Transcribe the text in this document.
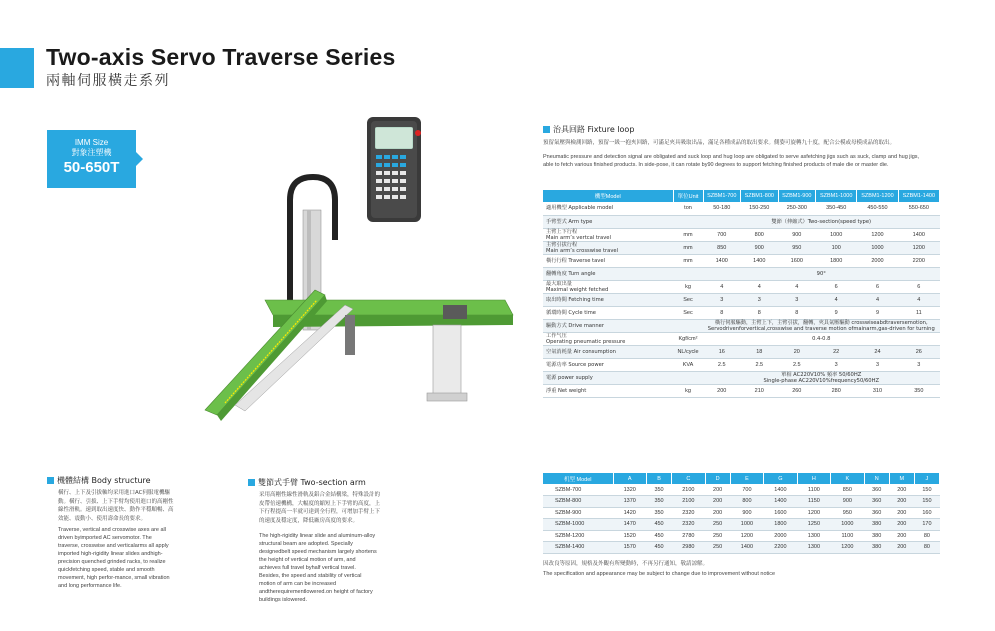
Two-axis Servo Traverse Series
兩軸伺服橫走系列
IMM Size
對象注塑機
50-650T
治具回路 Fixture loop
預留氣壓與檢測回路，預留一級一抱夾回路，可滿足夾具吸取出品，滿足各種成品的取出要求。側姿可旋轉九十度，配合公模或母模成品的取出。
Pneumatic pressure and detection signal are obligated and suck loop and hug loop are obligated to serve asfetching jigs such as suck, clamp and hug jigs,
able to fetch various finished products. In side-pose, it can rotate by90 degrees to support fetching finished products of male die or master die.
機型Model	單位Unit	SZBM1-700	SZBM1-800	SZBM1-900	SZBM1-1000	SZBM1-1200	SZBM1-1400

適用機型 Applicable model	ton	50-180	150-250	250-300	350-450	450-550	550-650

手臂型式 Arm type		雙節（伸縮式）Two-section(speed type)					

主臂上下行程
Main arm’s vertcal travel	mm	700	800	900	1000	1200	1400

主臂引拔行程
Main arm’s crosswise travel	mm	850	900	950	100	1000	1200

橫行行程 Traverse tavel	mm	1400	1400	1600	1800	2000	2200

翻轉角度 Turn angle		90°					

最大取出量
Maximal weight fetched	kg	4	4	4	6	6	6

取出時間 Fetching time	Sec	3	3	3	4	4	4

循環時間 Cycle time	Sec	8	8	8	9	9	11

驅動方式 Drive manner		橫行伺服驅動，主臂上下，主臂引拔，翻轉，夾具氣壓驅動 crosswiseabdtraversemotion,
Servodrivenforvertical,crosswise and traverse motion ofmainarm,gas-driven for turning					

工作气压
Operating pneumatic pressure	Kgf/cm²	0.4-0.8					

空氣消耗量 Air consumption	NL/cycle	16	18	20	22	24	26

電源功率 Source power	KVA	2.5	2.5	2.5	3	3	3

電源 power supply		單相 AC220V10% 頻率 50/60HZ
Single-phase AC220V10%frequency50/60HZ					

淨重 Net weight	kg	200	210	260	280	310	350
機體結構 Body structure
橫行、上下及引拔軸均采用進口AC伺服電機驅
動。橫行、引拔、上下手臂均使用進口的高剛性
線性滑軌。速到取出速度快、動作平穩順暢、高
效能、震動小、使用壽命長的要求。
Traverse, vertical and crosswise axes are all
driven byimported AC servomotor. The
traverse, crosswise and verticalarms all apply
imported high-rigidity linear slides andhigh-
precision quenched grinded racks, to realize
quickfetching speed, stable and smooth
movement, high perfor-mance, small vibration
and long performance life.
雙節式手臂 Two-section arm
采用高剛性線性滑軌及鋁合金結構梁，特殊設計的
皮帶倍速機構，大幅度的縮短上下手臂的高度，上
下行程提高一半就可達到全行程，可增加手臂上下
的速度及穩定度，降低廠房高度的要求。
The high-rigidity linear slide and aluminum-alloy
structural beam are adopted. Specially
designedbelt speed mechanism largely shortens
the height of vertical motion of arm, and
achieves full travel byhalf vertical travel.
Besides, the speed and stability of vertical
motion of arm can be increased
andtherequirementlowered.on height of factory
buildings islowered.
机型 Model	A	B	C	D	E	G	H	K	N	M	J
SZBM-700	1320	350	2100	200	700	1400	1100	850	360	200	150
SZBM-800	1370	350	2100	200	800	1400	1150	900	360	200	150
SZBM-900	1420	350	2320	200	900	1600	1200	950	360	200	160
SZBM-1000	1470	450	2320	250	1000	1800	1250	1000	380	200	170
SZBM-1200	1520	450	2780	250	1200	2000	1300	1100	380	200	80
SZBM-1400	1570	450	2980	250	1400	2200	1300	1200	380	200	80
因改良等原因，規格及外觀有所變動時，不再另行通知，敬請諒解。
The specification and appearance may be subject to change due to improvement without notice
